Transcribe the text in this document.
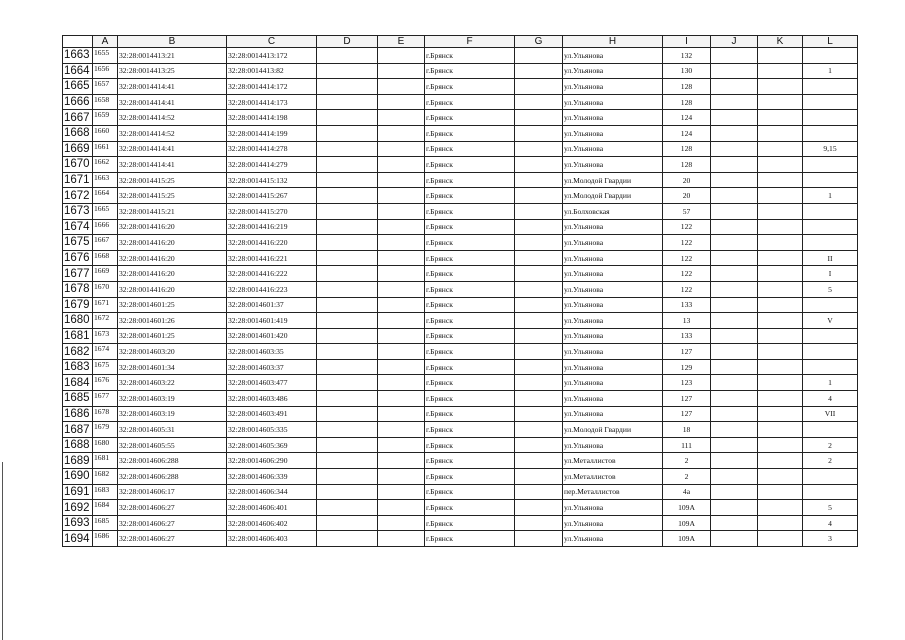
	A	B	C	D	E	F	G	H	I	J	K	L
1663	1655	32:28:0014413:21	32:28:0014413:172			г.Брянск		ул.Ульянова	132			
1664	1656	32:28:0014413:25	32:28:0014413:82			г.Брянск		ул.Ульянова	130			1
1665	1657	32:28:0014414:41	32:28:0014414:172			г.Брянск		ул.Ульянова	128			
1666	1658	32:28:0014414:41	32:28:0014414:173			г.Брянск		ул.Ульянова	128			
1667	1659	32:28:0014414:52	32:28:0014414:198			г.Брянск		ул.Ульянова	124			
1668	1660	32:28:0014414:52	32:28:0014414:199			г.Брянск		ул.Ульянова	124			
1669	1661	32:28:0014414:41	32:28:0014414:278			г.Брянск		ул.Ульянова	128			9,15
1670	1662	32:28:0014414:41	32:28:0014414:279			г.Брянск		ул.Ульянова	128			
1671	1663	32:28:0014415:25	32:28:0014415:132			г.Брянск		ул.Молодой Гвардии	20			
1672	1664	32:28:0014415:25	32:28:0014415:267			г.Брянск		ул.Молодой Гвардии	20			1
1673	1665	32:28:0014415:21	32:28:0014415:270			г.Брянск		ул.Болховская	57			
1674	1666	32:28:0014416:20	32:28:0014416:219			г.Брянск		ул.Ульянова	122			
1675	1667	32:28:0014416:20	32:28:0014416:220			г.Брянск		ул.Ульянова	122			
1676	1668	32:28:0014416:20	32:28:0014416:221			г.Брянск		ул.Ульянова	122			II
1677	1669	32:28:0014416:20	32:28:0014416:222			г.Брянск		ул.Ульянова	122			I
1678	1670	32:28:0014416:20	32:28:0014416:223			г.Брянск		ул.Ульянова	122			5
1679	1671	32:28:0014601:25	32:28:0014601:37			г.Брянск		ул.Ульянова	133			
1680	1672	32:28:0014601:26	32:28:0014601:419			г.Брянск		ул.Ульянова	13			V
1681	1673	32:28:0014601:25	32:28:0014601:420			г.Брянск		ул.Ульянова	133			
1682	1674	32:28:0014603:20	32:28:0014603:35			г.Брянск		ул.Ульянова	127			
1683	1675	32:28:0014601:34	32:28:0014603:37			г.Брянск		ул.Ульянова	129			
1684	1676	32:28:0014603:22	32:28:0014603:477			г.Брянск		ул.Ульянова	123			1
1685	1677	32:28:0014603:19	32:28:0014603:486			г.Брянск		ул.Ульянова	127			4
1686	1678	32:28:0014603:19	32:28:0014603:491			г.Брянск		ул.Ульянова	127			VII
1687	1679	32:28:0014605:31	32:28:0014605:335			г.Брянск		ул.Молодой Гвардии	18			
1688	1680	32:28:0014605:55	32:28:0014605:369			г.Брянск		ул.Ульянова	111			2
1689	1681	32:28:0014606:288	32:28:0014606:290			г.Брянск		ул.Металлистов	2			2
1690	1682	32:28:0014606:288	32:28:0014606:339			г.Брянск		ул.Металлистов	2			
1691	1683	32:28:0014606:17	32:28:0014606:344			г.Брянск		пер.Металлистов	4а			
1692	1684	32:28:0014606:27	32:28:0014606:401			г.Брянск		ул.Ульянова	109А			5
1693	1685	32:28:0014606:27	32:28:0014606:402			г.Брянск		ул.Ульянова	109А			4
1694	1686	32:28:0014606:27	32:28:0014606:403			г.Брянск		ул.Ульянова	109А			3
